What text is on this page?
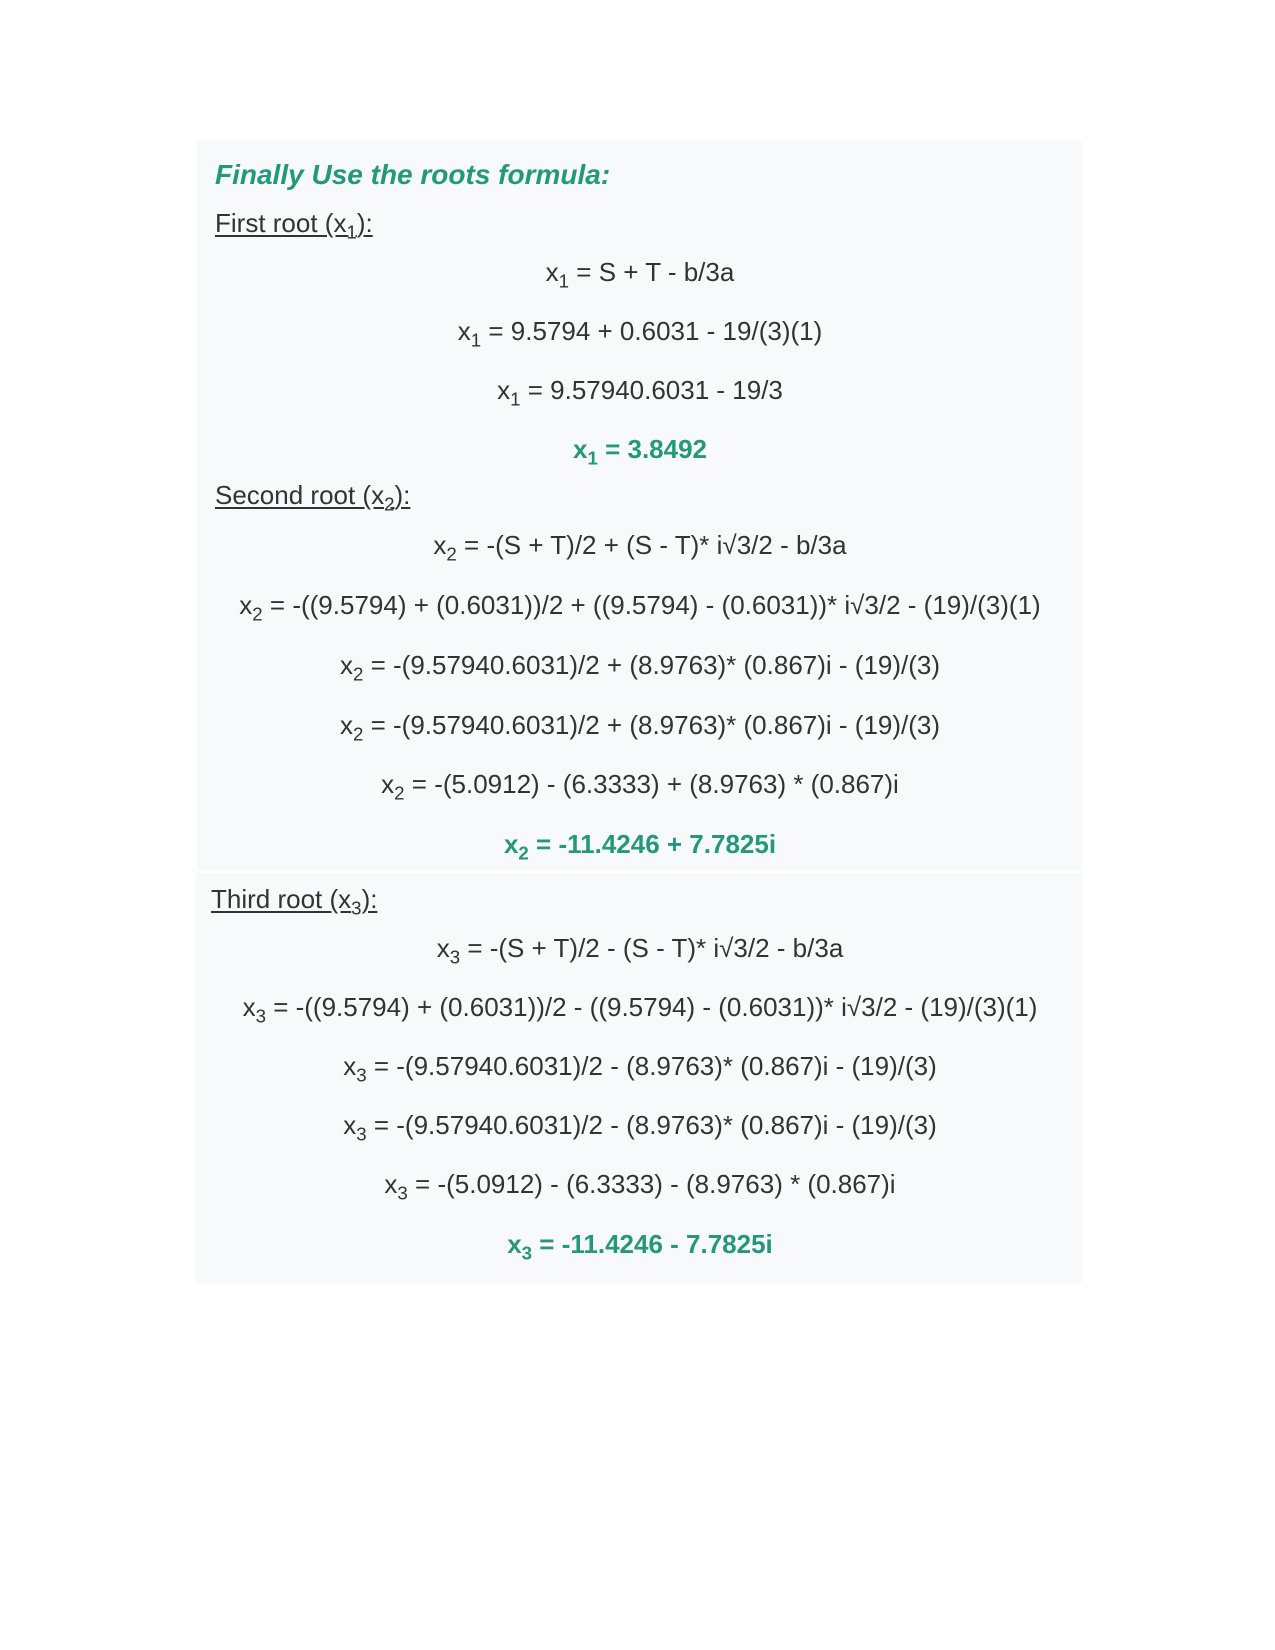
Finally Use the roots formula:
First root $(x_1)$:
$x_1 = S + T - b/3a$
$x_1 = 9.5794 + 0.6031 - 19/(3)(1)$
$x_1 = 9.57940.6031 - 19/3$
$x_1 = 3.8492$
Second root $(x_2)$:
$x_2 = -(S + T)/2 + (S - T)*$ i√3/2 - b/3a
$x_2 = -((9.5794) + (0.6031))/2 + ((9.5794) - (0.6031))*$ i√3/2 - (19)/(3)(1)
$x_2 = -(9.57940.6031)/2 + (8.9763)*$ (0.867)i - (19)/(3)
$x_2 = -(9.57940.6031)/2 + (8.9763)*$ (0.867)i - (19)/(3)
$x_2 = -(5.0912) - (6.3333) + (8.9763) * (0.867)i$
$x_2 = -11.4246 + 7.7825i$
Third root $(x_3)$:
$x_3 = -(S + T)/2 - (S - T)*$ i√3/2 - b/3a
$x_3 = -((9.5794) + (0.6031))/2 - ((9.5794) - (0.6031))*$ i√3/2 - (19)/(3)(1)
$x_3 = -(9.57940.6031)/2 - (8.9763)*$ (0.867)i - (19)/(3)
$x_3 = -(9.57940.6031)/2 - (8.9763)*$ (0.867)i - (19)/(3)
$x_3 = -(5.0912) - (6.3333) - (8.9763) * (0.867)i$
$x_3 = -11.4246 - 7.7825i$
